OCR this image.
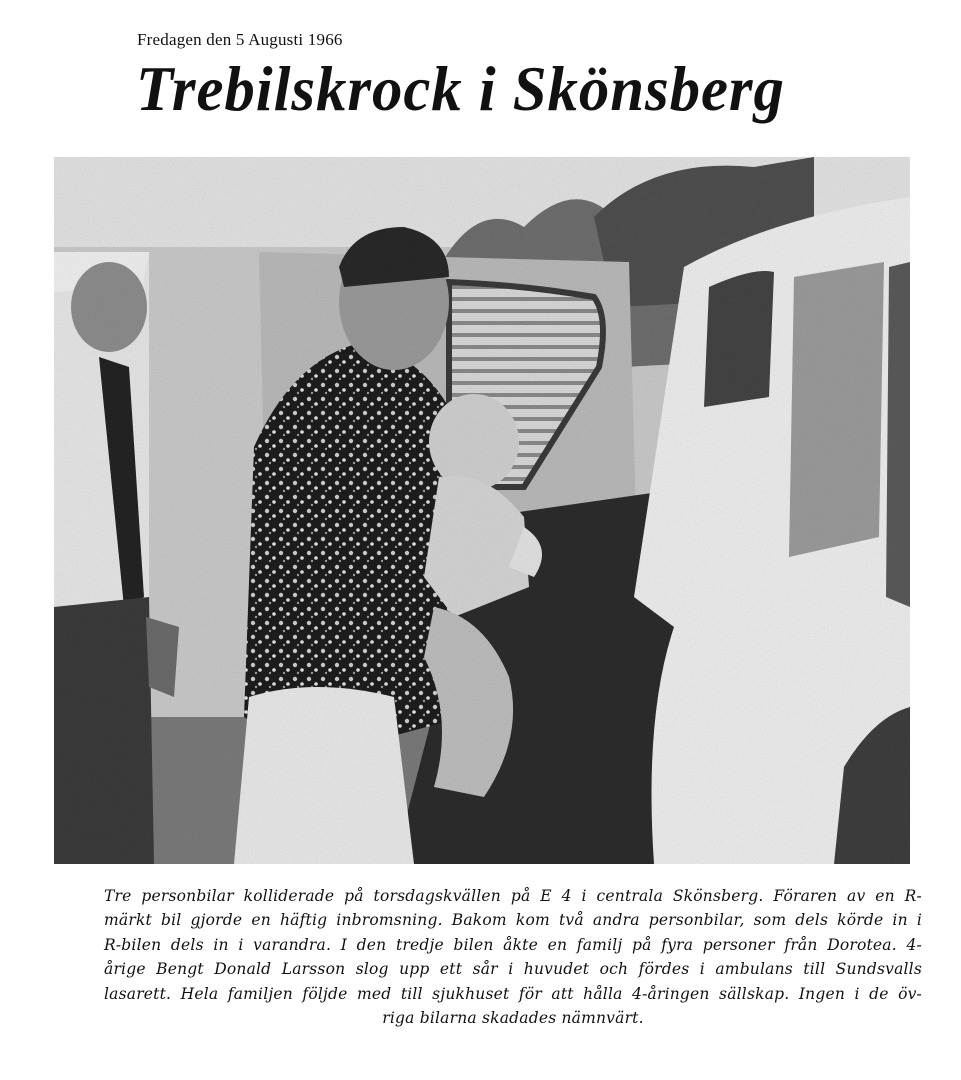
Fredagen den 5 Augusti 1966
Trebilskrock i Skönsberg
Tre personbilar kolliderade på torsdagskvällen på E 4 i centrala Skönsberg. Föraren av en R-
märkt bil gjorde en häftig inbromsning. Bakom kom två andra personbilar, som dels körde in i
R-bilen dels in i varandra. I den tredje bilen åkte en familj på fyra personer från Dorotea. 4-
årige Bengt Donald Larsson slog upp ett sår i huvudet och fördes i ambulans till Sundsvalls
lasarett. Hela familjen följde med till sjukhuset för att hålla 4-åringen sällskap. Ingen i de öv-
riga bilarna skadades nämnvärt.
